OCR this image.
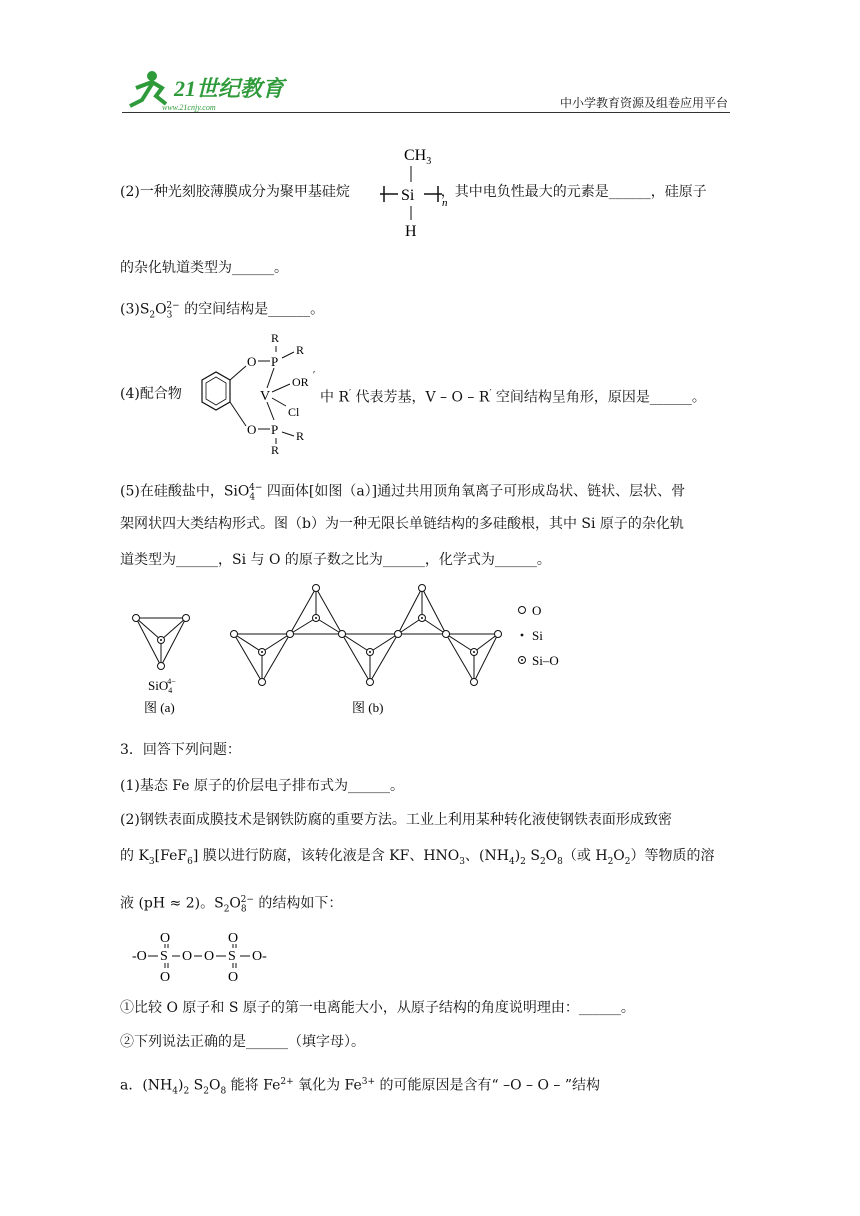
21世纪教育
www.21cnjy.com	中小学教育资源及组卷应用平台
(2)一种光刻胶薄膜成分为聚甲基硅烷	，其中电负性最大的元素是______，硅原子
$CH_3$
Si
H
n
的杂化轨道类型为______。
$(3)S_2O_3^{2-}$ 的空间结构是______。
(4)配合物
O
O
P
P
R
R
R
R
V
OR ′
Cl
中 R′ 代表芳基，V – O – R′ 空间结构呈角形，原因是______。
(5)在硅酸盐中，SiO$_4^{4-}$ 四面体[如图（a）]通过共用顶角氧离子可形成岛状、链状、层状、骨
架网状四大类结构形式。图（b）为一种无限长单链结构的多硅酸根，其中 Si 原子的杂化轨
道类型为______，Si 与 O 的原子数之比为______，化学式为______。
SiO$_4$4−
图 (a)	图 (b)
O
Si
Si–O
3．回答下列问题：
(1)基态 Fe 原子的价层电子排布式为______。
(2)钢铁表面成膜技术是钢铁防腐的重要方法。工业上利用某种转化液使钢铁表面形成致密
的 $K_3[FeF_6]$ 膜以进行防腐，该转化液是含 KF、$HNO_3$、$(NH_4)_2$ $S_2O_8$（或 $H_2O_2$）等物质的溶
液 (pH ≈ 2)。$S_2O_8^{2-}$ 的结构如下：
-O S
O
O
O O S
O
O
O-
①比较 O 原子和 S 原子的第一电离能大小，从原子结构的角度说明理由：______。
②下列说法正确的是______（填字母）。
a．$(NH_4)_2$ $S_2O_8$ 能将 $Fe^{2+}$ 氧化为 $Fe^{3+}$ 的可能原因是含有“ –O – O – ”结构
